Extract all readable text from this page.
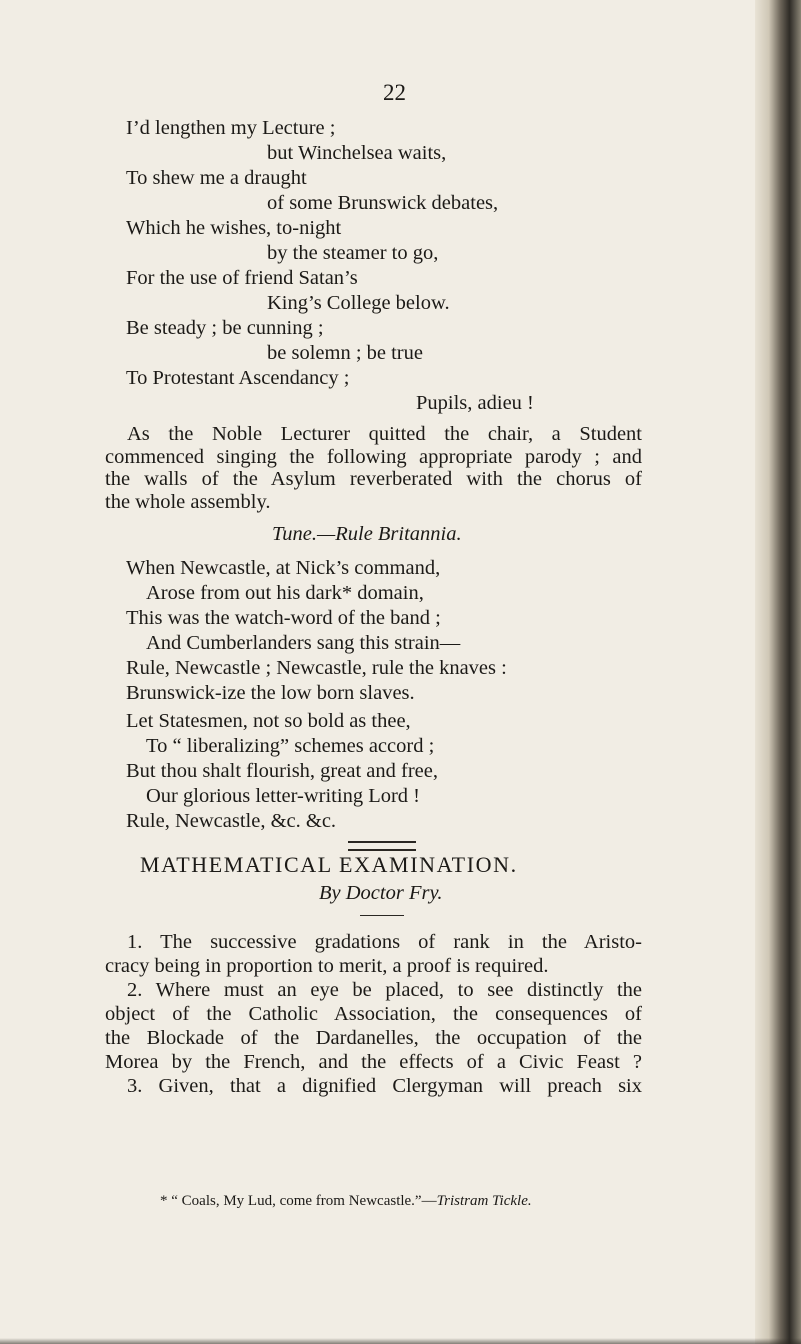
22
I’d lengthen my Lecture ;
but Winchelsea waits,
To shew me a draught
of some Brunswick debates,
Which he wishes, to-night
by the steamer to go,
For the use of friend Satan’s
King’s College below.
Be steady ; be cunning ;
be solemn ; be true
To Protestant Ascendancy ;
Pupils, adieu !
As the Noble Lecturer quitted the chair, a Student
commenced singing the following appropriate parody ; and
the walls of the Asylum reverberated with the chorus of
the whole assembly.
Tune.—Rule Britannia.
When Newcastle, at Nick’s command,
Arose from out his dark* domain,
This was the watch-word of the band ;
And Cumberlanders sang this strain—
Rule, Newcastle ; Newcastle, rule the knaves :
Brunswick-ize the low born slaves.
Let Statesmen, not so bold as thee,
To “ liberalizing” schemes accord ;
But thou shalt flourish, great and free,
Our glorious letter-writing Lord !
Rule, Newcastle, &c. &c.
MATHEMATICAL EXAMINATION.
By Doctor Fry.
1. The successive gradations of rank in the Aristo-
cracy being in proportion to merit, a proof is required.
2. Where must an eye be placed, to see distinctly the
object of the Catholic Association, the consequences of
the Blockade of the Dardanelles, the occupation of the
Morea by the French, and the effects of a Civic Feast ?
3. Given, that a dignified Clergyman will preach six
* “ Coals, My Lud, come from Newcastle.”—Tristram Tickle.
